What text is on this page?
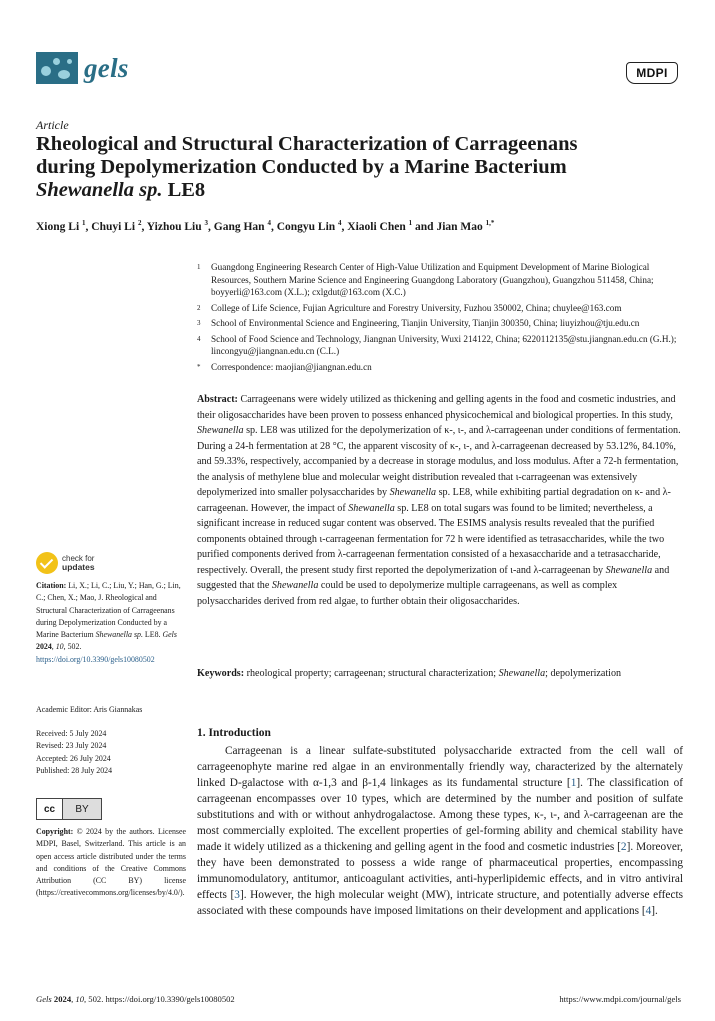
gels	MDPI
Article
Rheological and Structural Characterization of Carrageenans
during Depolymerization Conducted by a Marine Bacterium
Shewanella sp. LE8
Xiong Li $^1$, Chuyi Li $^2$, Yizhou Liu $^3$, Gang Han $^4$, Congyu Lin $^4$, Xiaoli Chen $^1$ and Jian Mao $^{1,*}$
1	Guangdong Engineering Research Center of High-Value Utilization and Equipment Development of Marine Biological Resources, Southern Marine Science and Engineering Guangdong Laboratory (Guangzhou), Guangzhou 511458, China; boyyerli@163.com (X.L.); cxlgdut@163.com (X.C.)
2	College of Life Science, Fujian Agriculture and Forestry University, Fuzhou 350002, China; chuylee@163.com
3	School of Environmental Science and Engineering, Tianjin University, Tianjin 300350, China; liuyizhou@tju.edu.cn
4	School of Food Science and Technology, Jiangnan University, Wuxi 214122, China; 6220112135@stu.jiangnan.edu.cn (G.H.); lincongyu@jiangnan.edu.cn (C.L.)
*	Correspondence: maojian@jiangnan.edu.cn
Abstract: Carrageenans were widely utilized as thickening and gelling agents in the food and cosmetic industries, and their oligosaccharides have been proven to possess enhanced physicochemical and biological properties. In this study, Shewanella sp. LE8 was utilized for the depolymerization of κ-, ι-, and λ-carrageenan under conditions of fermentation. During a 24-h fermentation at 28 °C, the apparent viscosity of κ-, ι-, and λ-carrageenan decreased by 53.12%, 84.10%, and 59.33%, respectively, accompanied by a decrease in storage modulus, and loss modulus. After a 72-h fermentation, the analysis of methylene blue and molecular weight distribution revealed that ι-carrageenan was extensively depolymerized into smaller polysaccharides by Shewanella sp. LE8, while exhibiting partial degradation on κ- and λ-carrageenan. However, the impact of Shewanella sp. LE8 on total sugars was found to be limited; nevertheless, a significant increase in reduced sugar content was observed. The ESIMS analysis results revealed that the purified components obtained through ι-carrageenan fermentation for 72 h were identified as tetrasaccharides, while the two purified components derived from λ-carrageenan fermentation consisted of a hexasaccharide and a tetrasaccharide, respectively. Overall, the present study first reported the depolymerization of ι-and λ-carrageenan by Shewanella and suggested that the Shewanella could be used to depolymerize multiple carrageenans, as well as complex polysaccharides derived from red algae, to further obtain their oligosaccharides.
Keywords: rheological property; carrageenan; structural characterization; Shewanella; depolymerization
check for
updates
Citation: Li, X.; Li, C.; Liu, Y.; Han, G.; Lin, C.; Chen, X.; Mao, J. Rheological and Structural Characterization of Carrageenans during Depolymerization Conducted by a Marine Bacterium Shewanella sp. LE8. Gels 2024, 10, 502. https://doi.org/10.3390/gels10080502
Academic Editor: Aris Giannakas
Received: 5 July 2024
Revised: 23 July 2024
Accepted: 26 July 2024
Published: 28 July 2024
cc	BY
Copyright: © 2024 by the authors. Licensee MDPI, Basel, Switzerland. This article is an open access article distributed under the terms and conditions of the Creative Commons Attribution (CC BY) license (https://creativecommons.org/licenses/by/4.0/).
1. Introduction

Carrageenan is a linear sulfate-substituted polysaccharide extracted from the cell wall of carrageenophyte marine red algae in an environmentally friendly way, characterized by the alternately linked D-galactose with α-1,3 and β-1,4 linkages as its fundamental structure [1]. The classification of carrageenan encompasses over 10 types, which are determined by the number and position of sulfate substitutions and with or without anhydrogalactose. Among these types, κ-, ι-, and λ-carrageenan are the most commercially exploited. The excellent properties of gel-forming ability and chemical stability have made it widely utilized as a thickening and gelling agent in the food and cosmetic industries [2]. Moreover, they have been demonstrated to possess a wide range of pharmaceutical properties, encompassing immunomodulatory, antitumor, anticoagulant activities, anti-hyperlipidemic effects, and in vitro antiviral effects [3]. However, the high molecular weight (MW), intricate structure, and potentially adverse effects associated with these compounds have imposed limitations on their development and applications [4].

Gels 2024, 10, 502. https://doi.org/10.3390/gels10080502	https://www.mdpi.com/journal/gels
